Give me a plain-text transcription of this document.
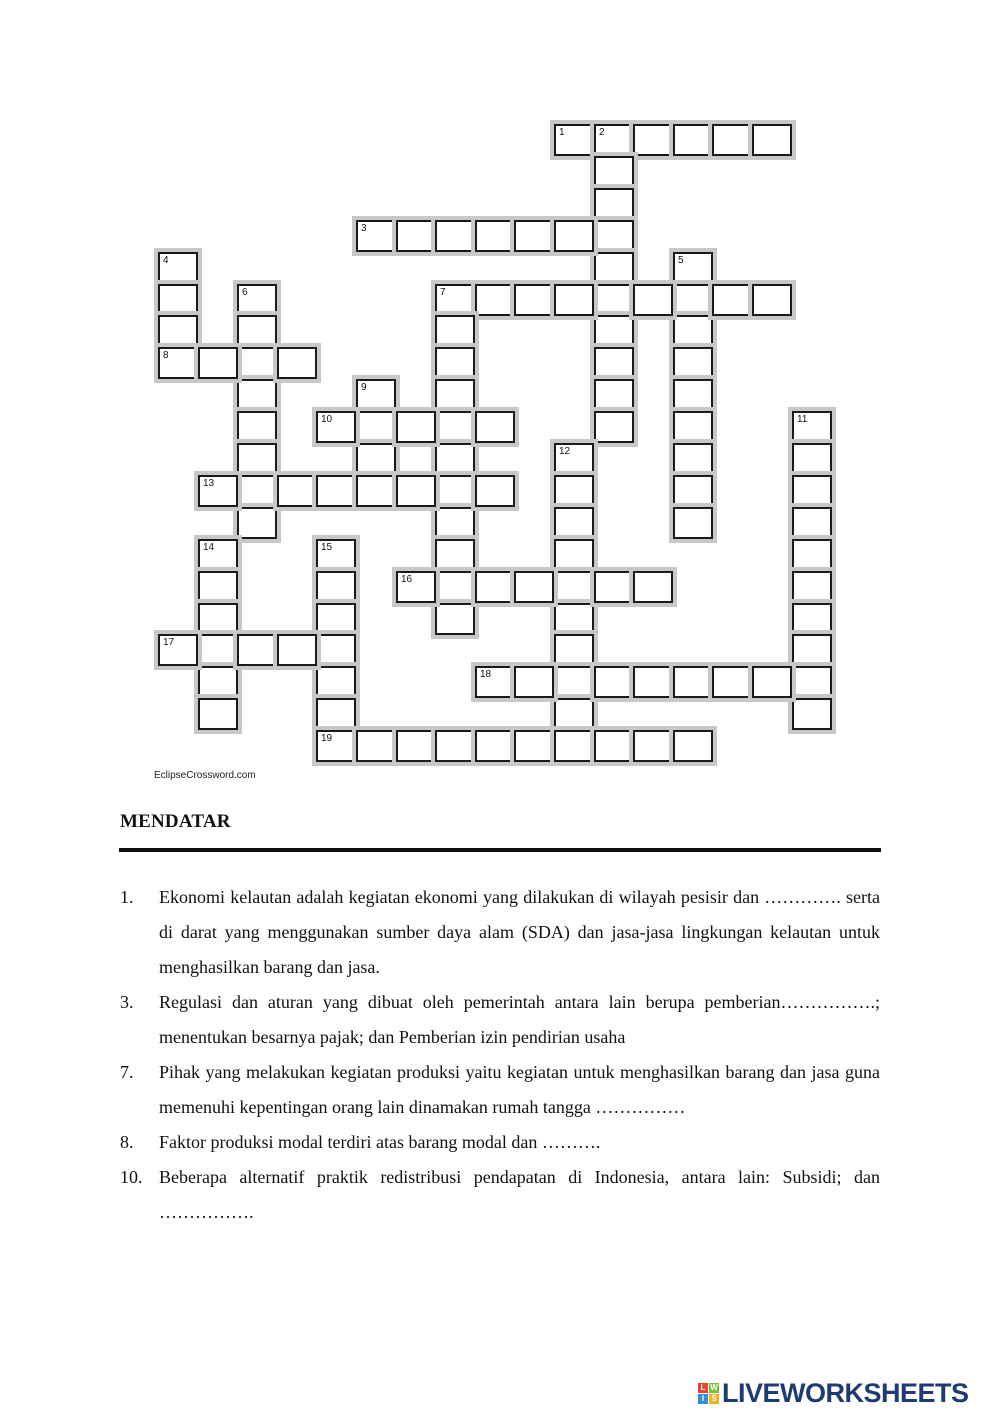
1	2
3
4
8
5
6	7
9
10	11
12
13
14	15
19
16
17
18
EclipseCrossword.com
MENDATAR
1.	Ekonomi kelautan adalah kegiatan ekonomi yang dilakukan di wilayah pesisir dan …………. serta di darat yang menggunakan sumber daya alam (SDA) dan jasa-jasa lingkungan kelautan untuk menghasilkan barang dan jasa.
3.	Regulasi dan aturan yang dibuat oleh pemerintah antara lain berupa pemberian…………….; menentukan besarnya pajak; dan Pemberian izin pendirian usaha
7.	Pihak yang melakukan kegiatan produksi yaitu kegiatan untuk menghasilkan barang dan jasa guna memenuhi kepentingan orang lain dinamakan rumah tangga ……………
8.	Faktor produksi modal terdiri atas barang modal dan ……….
10. Beberapa alternatif praktik redistribusi pendapatan di Indonesia, antara lain: Subsidi; dan …………….
L W
I S LIVEWORKSHEETS
